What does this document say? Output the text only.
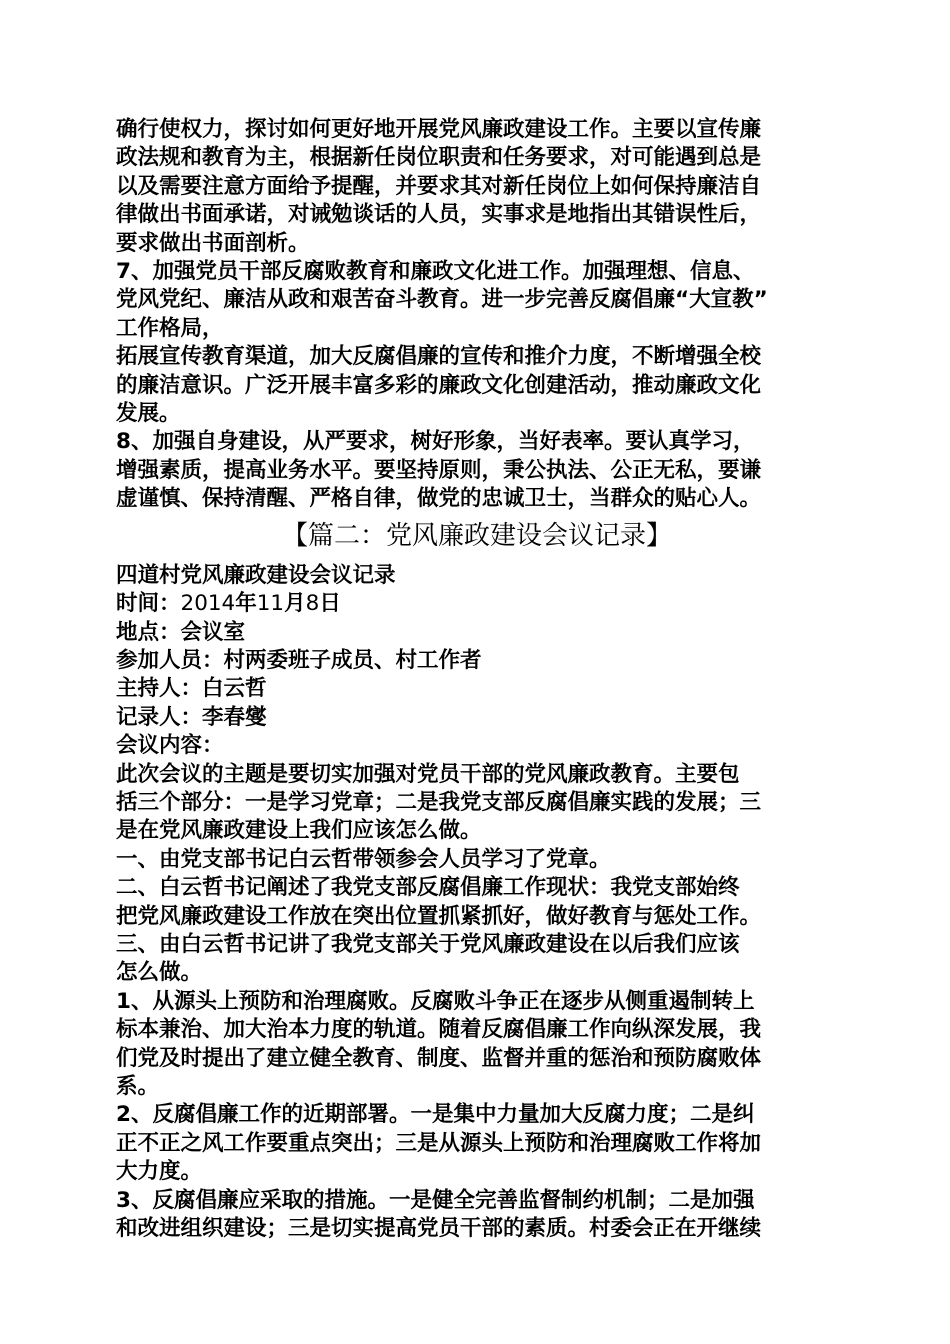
确行使权力，探讨如何更好地开展党风廉政建设工作。主要以宣传廉
政法规和教育为主，根据新任岗位职责和任务要求，对可能遇到总是
以及需要注意方面给予提醒，并要求其对新任岗位上如何保持廉洁自
律做出书面承诺，对诫勉谈话的人员，实事求是地指出其错误性后，
要求做出书面剖析。
7、加强党员干部反腐败教育和廉政文化进工作。加强理想、信息、
党风党纪、廉洁从政和艰苦奋斗教育。进一步完善反腐倡廉“大宣教”
工作格局，
拓展宣传教育渠道，加大反腐倡廉的宣传和推介力度，不断增强全校
的廉洁意识。广泛开展丰富多彩的廉政文化创建活动，推动廉政文化
发展。
8、加强自身建设，从严要求，树好形象，当好表率。要认真学习，
增强素质，提高业务水平。要坚持原则，秉公执法、公正无私，要谦
虚谨慎、保持清醒、严格自律，做党的忠诚卫士，当群众的贴心人。
【篇二：党风廉政建设会议记录】
四道村党风廉政建设会议记录
时间：2014年11月8日
地点：会议室
参加人员：村两委班子成员、村工作者
主持人：白云哲
记录人：李春燮
会议内容：
此次会议的主题是要切实加强对党员干部的党风廉政教育。主要包
括三个部分：一是学习党章；二是我党支部反腐倡廉实践的发展；三
是在党风廉政建设上我们应该怎么做。
一、由党支部书记白云哲带领参会人员学习了党章。
二、白云哲书记阐述了我党支部反腐倡廉工作现状：我党支部始终
把党风廉政建设工作放在突出位置抓紧抓好，做好教育与惩处工作。
三、由白云哲书记讲了我党支部关于党风廉政建设在以后我们应该
怎么做。
1、从源头上预防和治理腐败。反腐败斗争正在逐步从侧重遏制转上
标本兼治、加大治本力度的轨道。随着反腐倡廉工作向纵深发展，我
们党及时提出了建立健全教育、制度、监督并重的惩治和预防腐败体
系。
2、反腐倡廉工作的近期部署。一是集中力量加大反腐力度；二是纠
正不正之风工作要重点突出；三是从源头上预防和治理腐败工作将加
大力度。
3、反腐倡廉应采取的措施。一是健全完善监督制约机制；二是加强
和改进组织建设；三是切实提高党员干部的素质。村委会正在开继续
